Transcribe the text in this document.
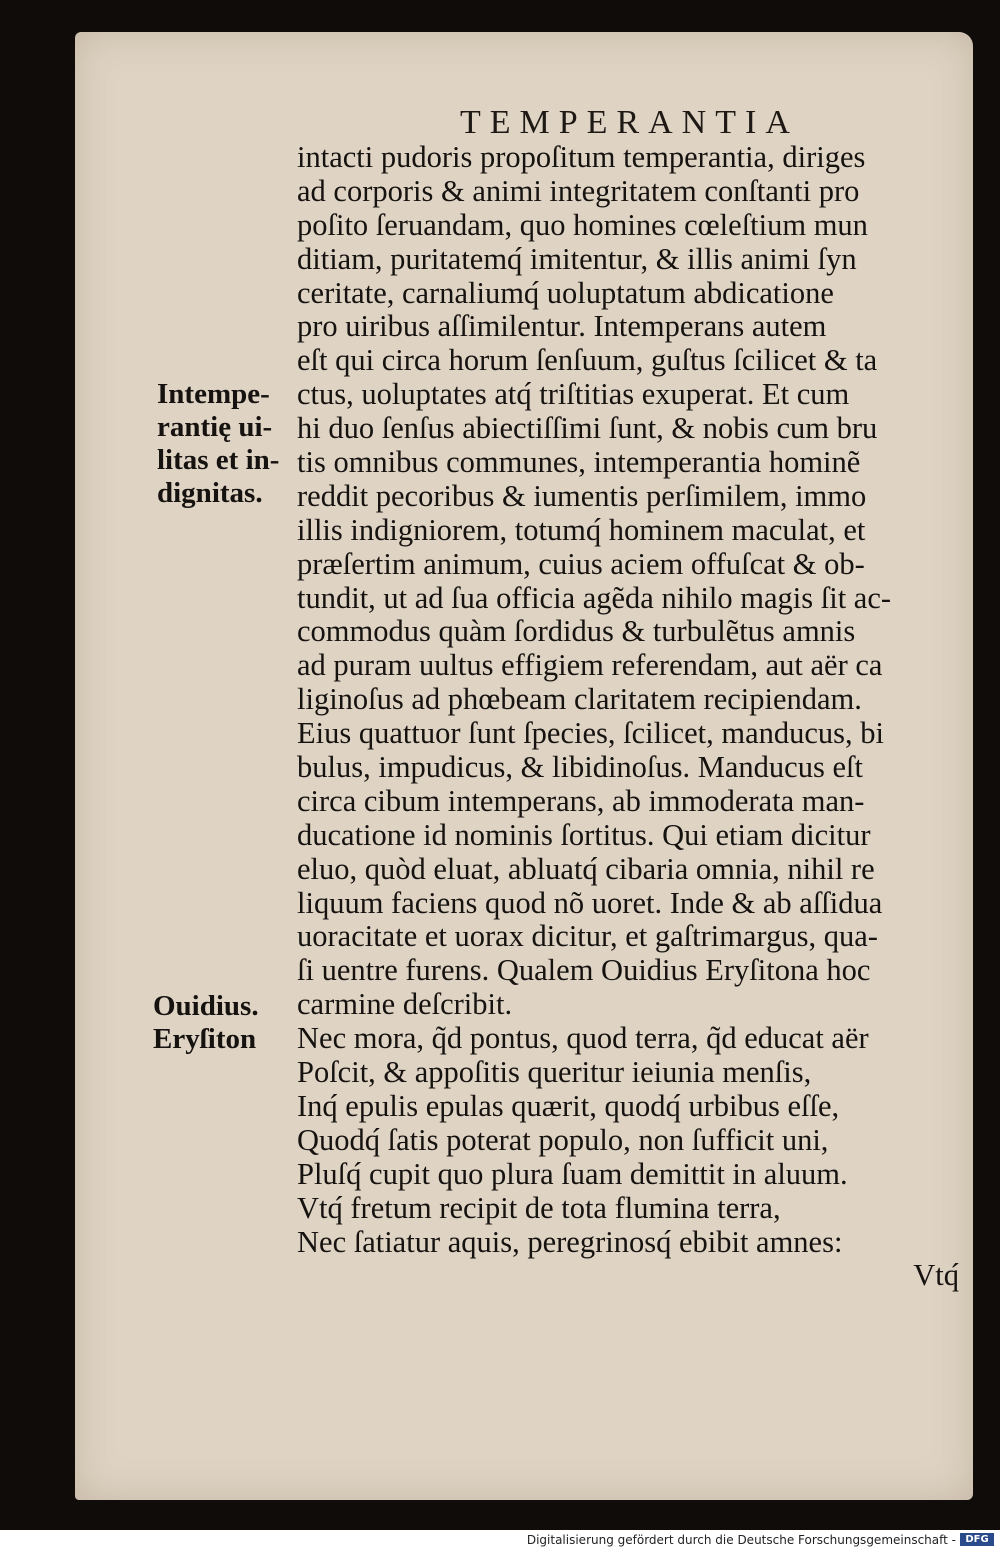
TEMPERANTIA
Intempe-
rantię ui-
litas et in-
dignitas.
Ouidius.
Eryſiton
intacti pudoris propoſitum temperantia, diriges
ad corporis & animi integritatem conſtanti pro
poſito ſeruandam, quo homines cœleſtium mun
ditiam, puritatemq́ imitentur, & illis animi ſyn
ceritate, carnaliumq́ uoluptatum abdicatione
pro uiribus aſſimilentur. Intemperans autem
eſt qui circa horum ſenſuum, guſtus ſcilicet & ta
ctus, uoluptates atq́ triſtitias exuperat. Et cum
hi duo ſenſus abiectiſſimi ſunt, & nobis cum bru
tis omnibus communes, intemperantia hominẽ
reddit pecoribus & iumentis perſimilem, immo
illis indigniorem, totumq́ hominem maculat, et
præſertim animum, cuius aciem offuſcat & ob-
tundit, ut ad ſua officia agẽda nihilo magis ſit ac-
commodus quàm ſordidus & turbulẽtus amnis
ad puram uultus effigiem referendam, aut aër ca
liginoſus ad phœbeam claritatem recipiendam.
Eius quattuor ſunt ſpecies, ſcilicet, manducus, bi
bulus, impudicus, & libidinoſus. Manducus eſt
circa cibum intemperans, ab immoderata man-
ducatione id nominis ſortitus. Qui etiam dicitur
eluo, quòd eluat, abluatq́ cibaria omnia, nihil re
liquum faciens quod nõ uoret. Inde & ab aſſidua
uoracitate et uorax dicitur, et gaſtrimargus, qua-
ſi uentre furens. Qualem Ouidius Eryſitona hoc
carmine deſcribit.
Nec mora, q̃d pontus, quod terra, q̃d educat aër
Poſcit, & appoſitis queritur ieiunia menſis,
Inq́ epulis epulas quærit, quodq́ urbibus eſſe,
Quodq́ ſatis poterat populo, non ſufficit uni,
Pluſq́ cupit quo plura ſuam demittit in aluum.
Vtq́ fretum recipit de tota flumina terra,
Nec ſatiatur aquis, peregrinosq́ ebibit amnes:
Vtq́
Digitalisierung gefördert durch die Deutsche Forschungsgemeinschaft - DFG
